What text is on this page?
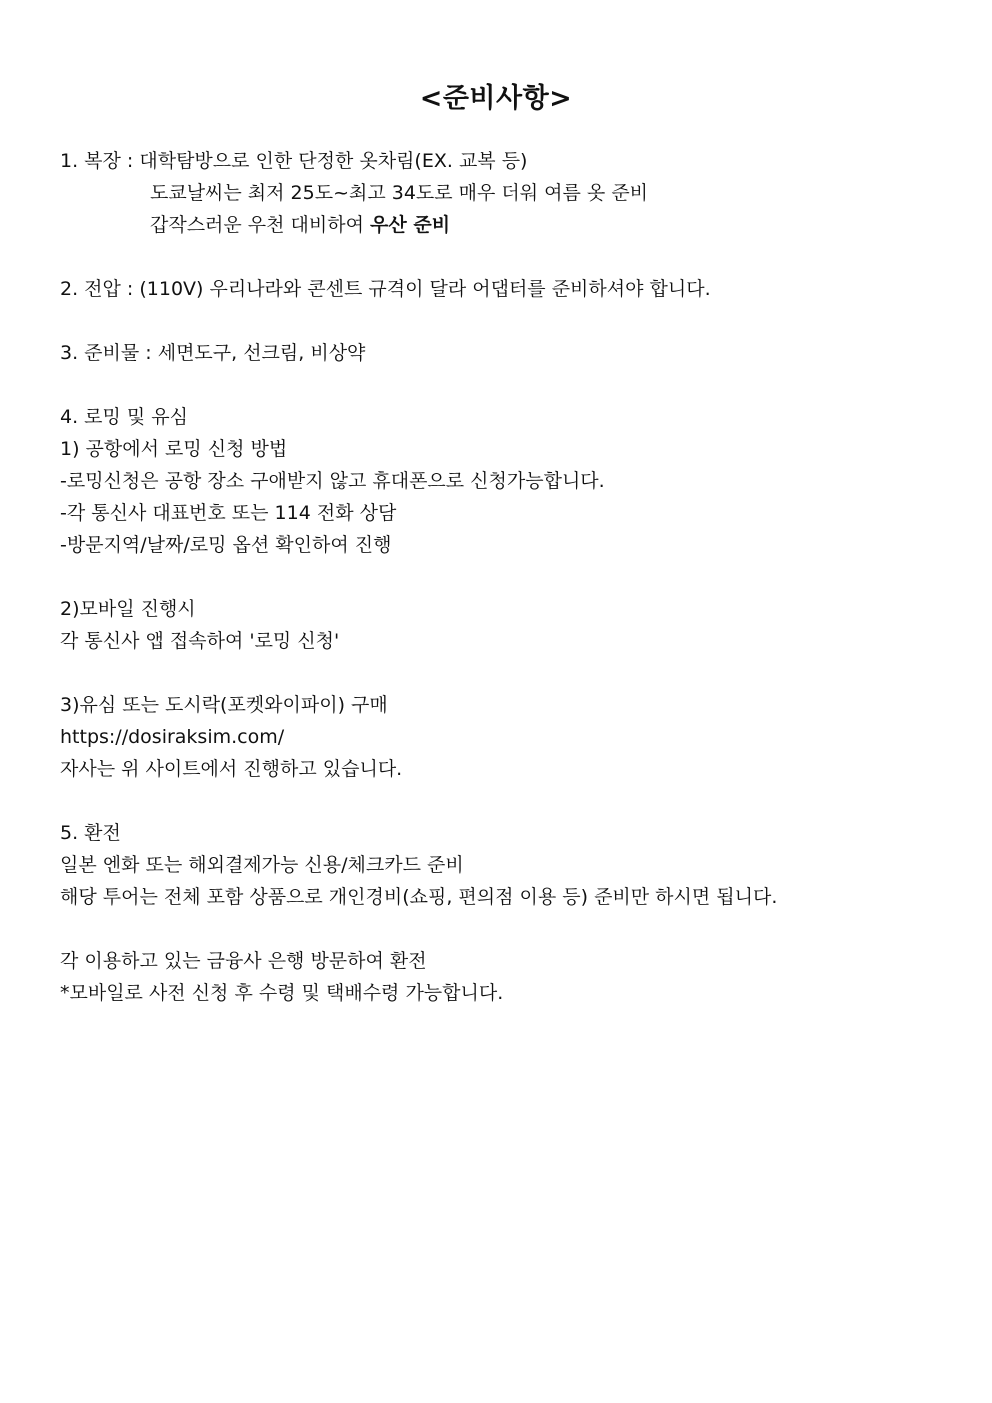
<준비사항>
1. 복장 : 대학탐방으로 인한 단정한 옷차림(EX. 교복 등)
도쿄날씨는 최저 25도~최고 34도로 매우 더워 여름 옷 준비
갑작스러운 우천 대비하여 우산 준비
2. 전압 : (110V) 우리나라와 콘센트 규격이 달라 어댑터를 준비하셔야 합니다.
3. 준비물 : 세면도구, 선크림, 비상약
4. 로밍 및 유심
1) 공항에서 로밍 신청 방법
-로밍신청은 공항 장소 구애받지 않고 휴대폰으로 신청가능합니다.
-각 통신사 대표번호 또는 114 전화 상담
-방문지역/날짜/로밍 옵션 확인하여 진행
2)모바일 진행시
각 통신사 앱 접속하여 '로밍 신청'
3)유심 또는 도시락(포켓와이파이) 구매
https://dosiraksim.com/
자사는 위 사이트에서 진행하고 있습니다.
5. 환전
일본 엔화 또는 해외결제가능 신용/체크카드 준비
해당 투어는 전체 포함 상품으로 개인경비(쇼핑, 편의점 이용 등) 준비만 하시면 됩니다.
각 이용하고 있는 금융사 은행 방문하여 환전
*모바일로 사전 신청 후 수령 및 택배수령 가능합니다.
